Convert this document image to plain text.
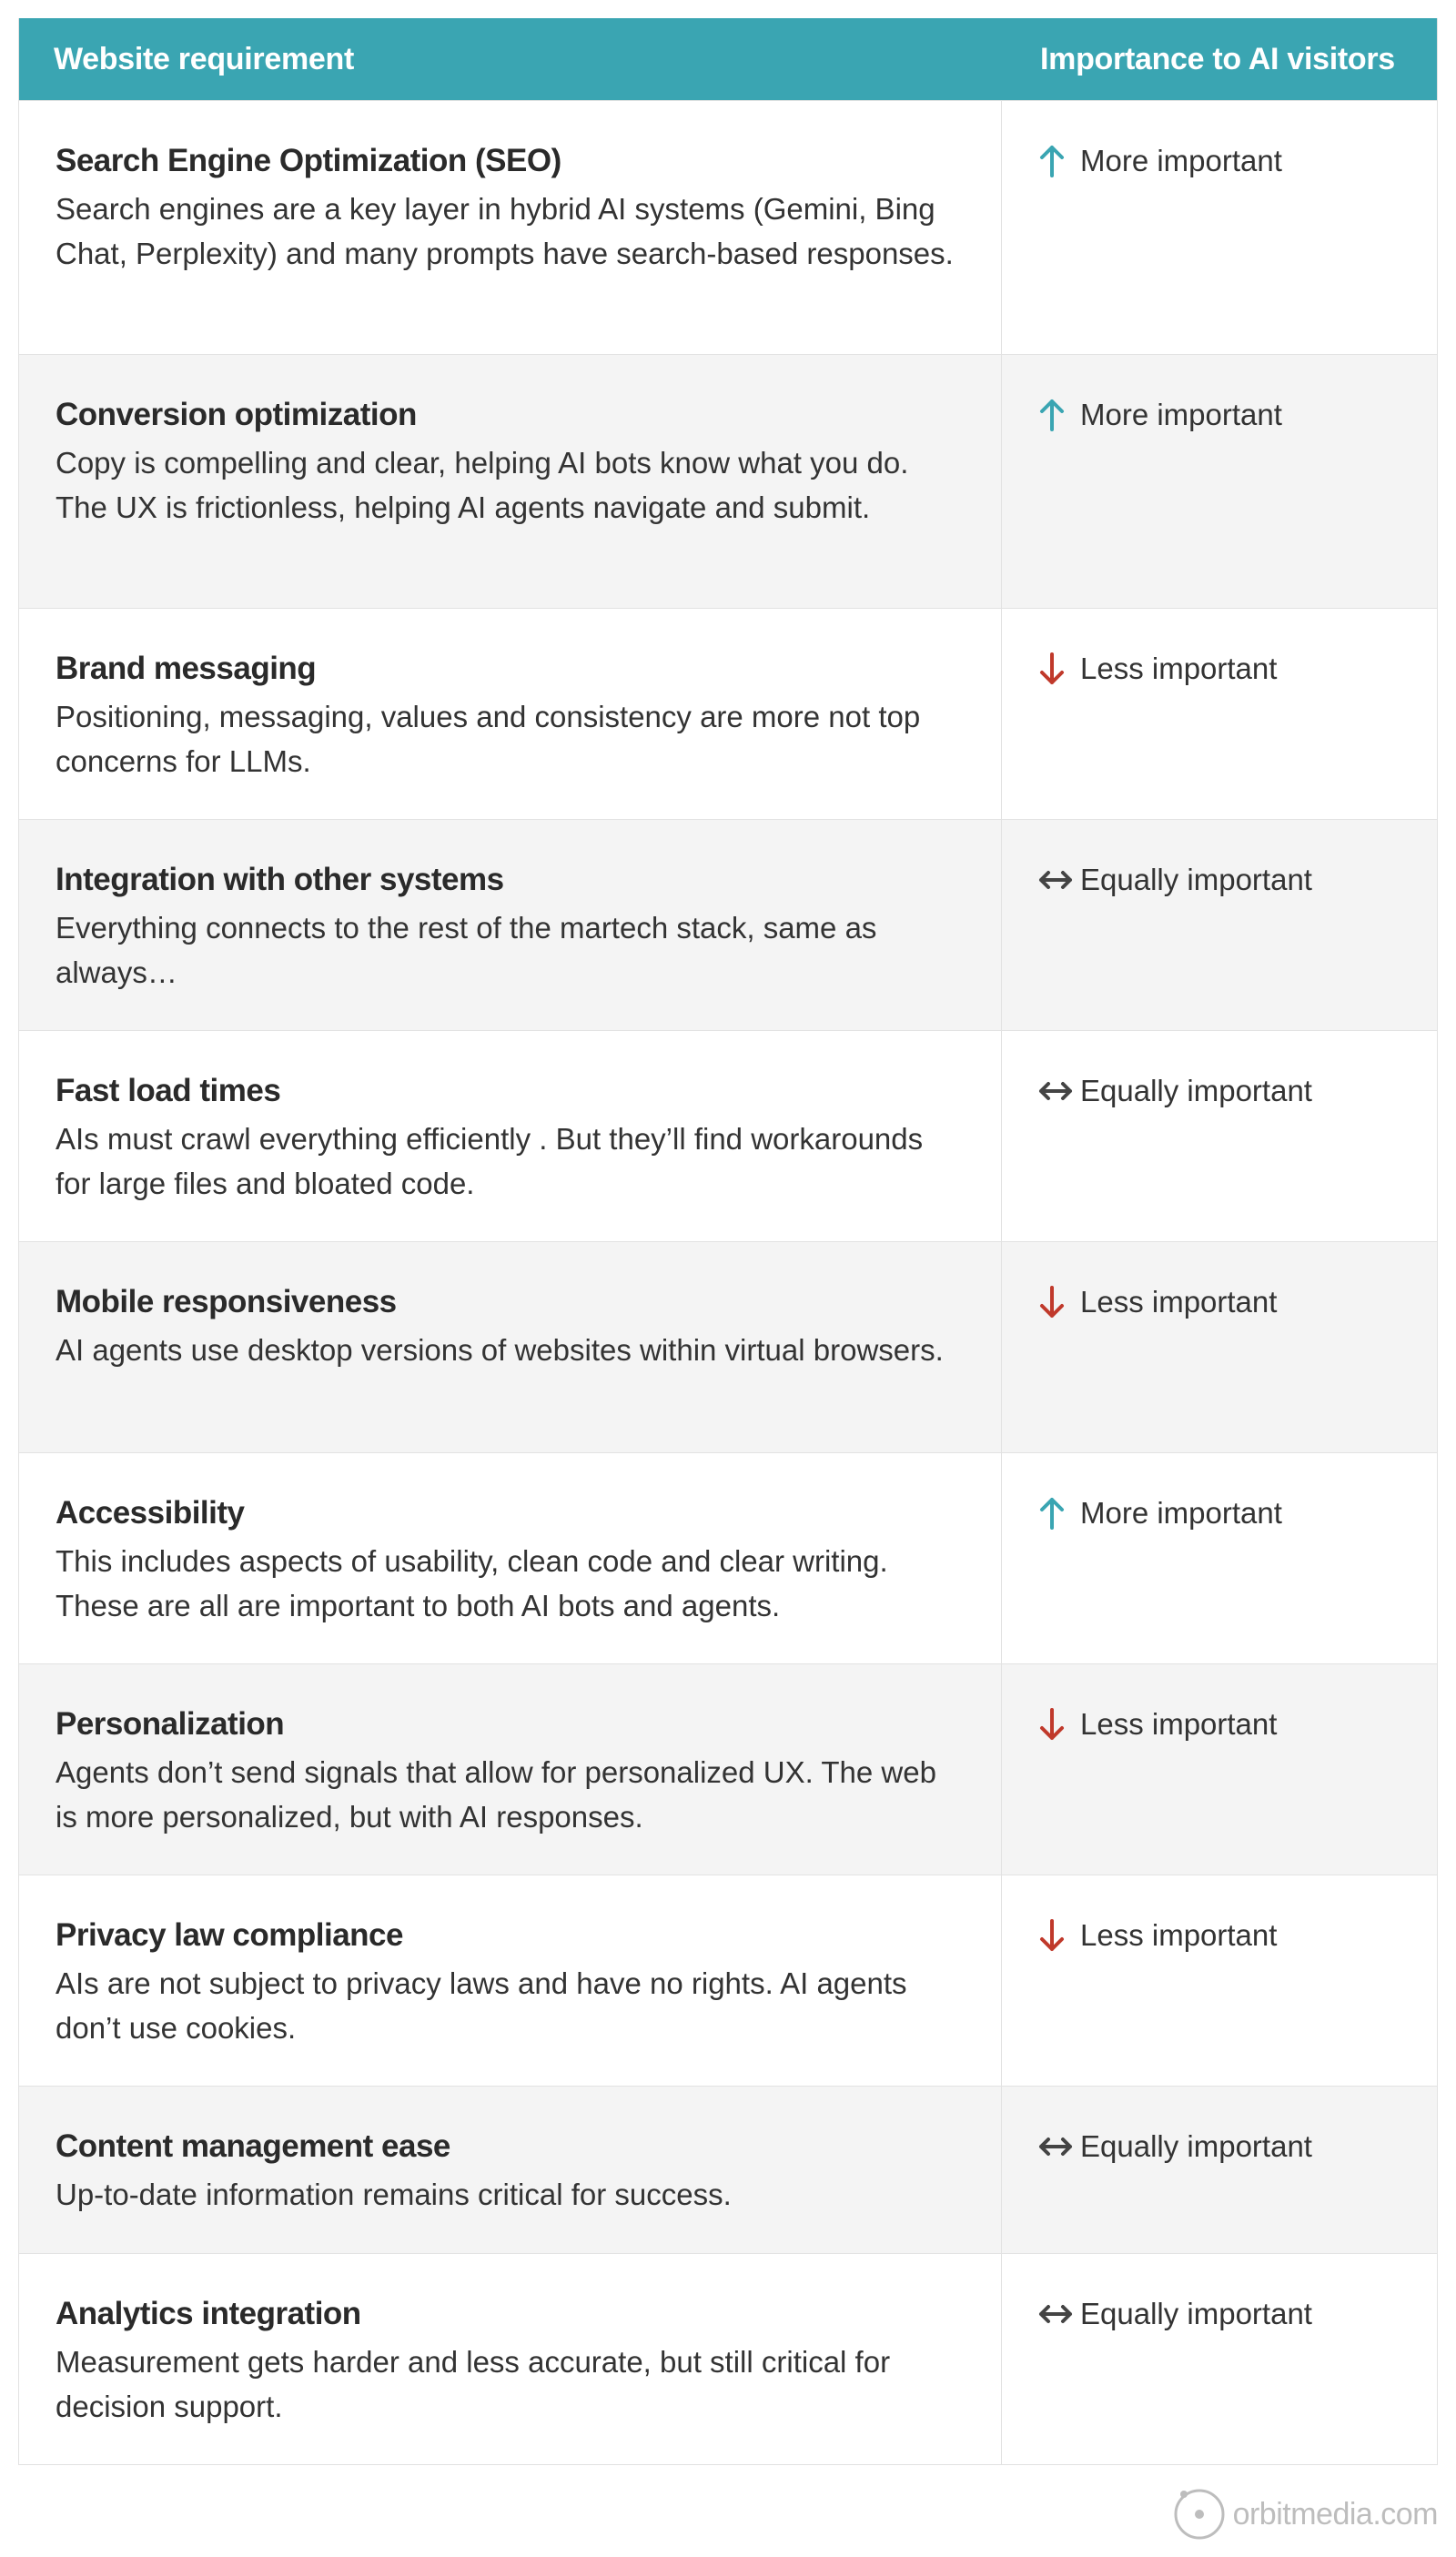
Website requirement	Importance to AI visitors
Search Engine Optimization (SEO)
Search engines are a key layer in hybrid AI systems (Gemini, Bing Chat, Perplexity) and many prompts have search-based responses.
More important
Conversion optimization
Copy is compelling and clear, helping AI bots know what you do. The UX is frictionless, helping AI agents navigate and submit.
More important
Brand messaging
Positioning, messaging, values and consistency are more not top concerns for LLMs.
Less important
Integration with other systems
Everything connects to the rest of the martech stack, same as always…
Equally important
Fast load times
AIs must crawl everything efficiently . But they’ll find workarounds for large files and bloated code.
Equally important
Mobile responsiveness
AI agents use desktop versions of websites within virtual browsers.
Less important
Accessibility
This includes aspects of usability, clean code and clear writing. These are all are important to both AI bots and agents.
More important
Personalization
Agents don’t send signals that allow for personalized UX. The web is more personalized, but with AI responses.
Less important
Privacy law compliance
AIs are not subject to privacy laws and have no rights. AI agents don’t use cookies.
Less important
Content management ease
Up-to-date information remains critical for success.
Equally important
Analytics integration
Measurement gets harder and less accurate, but still critical for decision support.
Equally important
orbitmedia.com
